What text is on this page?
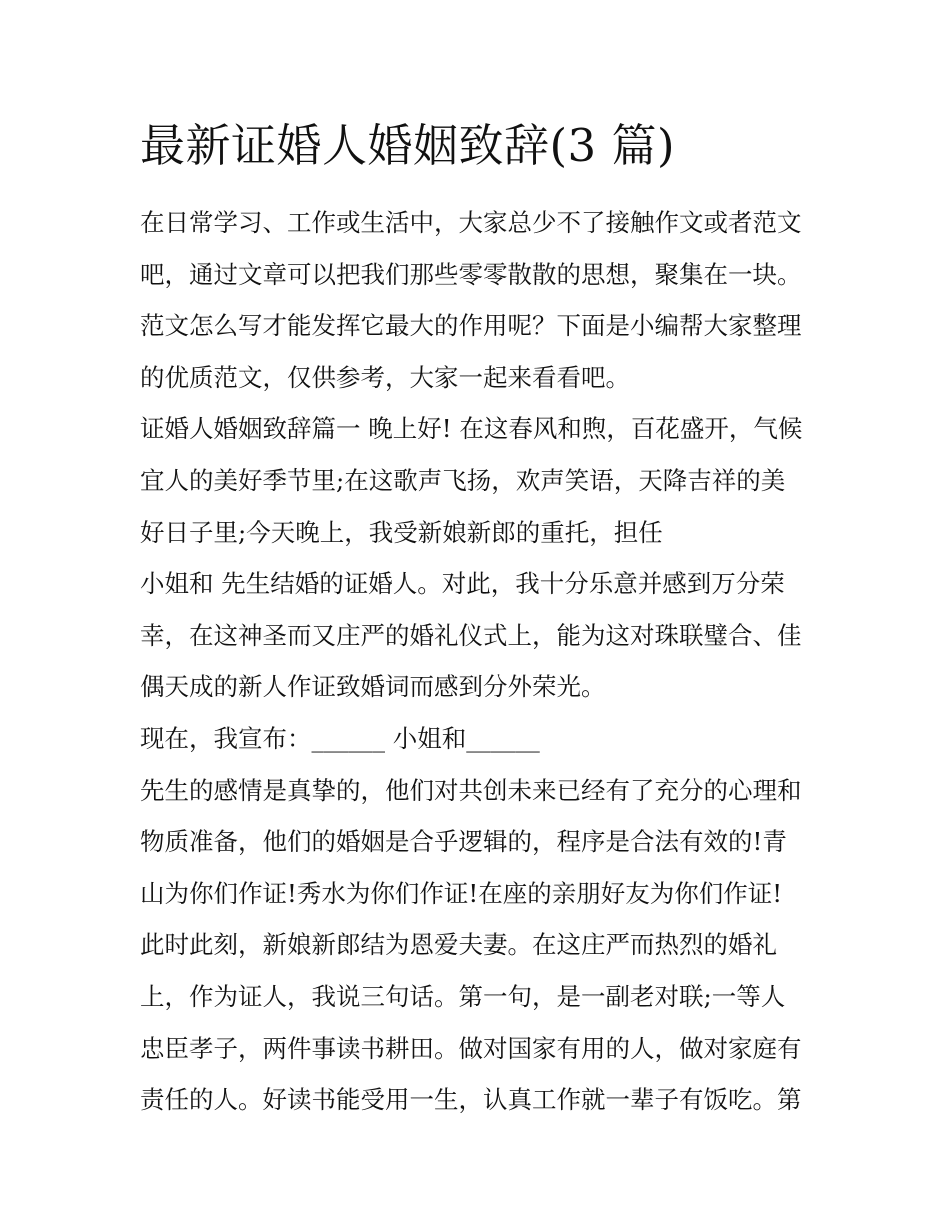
最新证婚人婚姻致辞(3 篇)
在日常学习、工作或生活中，大家总少不了接触作文或者范文
吧，通过文章可以把我们那些零零散散的思想，聚集在一块。
范文怎么写才能发挥它最大的作用呢？下面是小编帮大家整理
的优质范文，仅供参考，大家一起来看看吧。
证婚人婚姻致辞篇一 晚上好! 在这春风和煦，百花盛开，气候
宜人的美好季节里;在这歌声飞扬，欢声笑语，天降吉祥的美
好日子里;今天晚上，我受新娘新郎的重托，担任
小姐和 先生结婚的证婚人。对此，我十分乐意并感到万分荣
幸，在这神圣而又庄严的婚礼仪式上，能为这对珠联璧合、佳
偶天成的新人作证致婚词而感到分外荣光。
现在，我宣布：______ 小姐和______
先生的感情是真挚的，他们对共创未来已经有了充分的心理和
物质准备，他们的婚姻是合乎逻辑的，程序是合法有效的!青
山为你们作证!秀水为你们作证!在座的亲朋好友为你们作证!
此时此刻，新娘新郎结为恩爱夫妻。在这庄严而热烈的婚礼
上，作为证人，我说三句话。第一句，是一副老对联;一等人
忠臣孝子，两件事读书耕田。做对国家有用的人，做对家庭有
责任的人。好读书能受用一生，认真工作就一辈子有饭吃。第
